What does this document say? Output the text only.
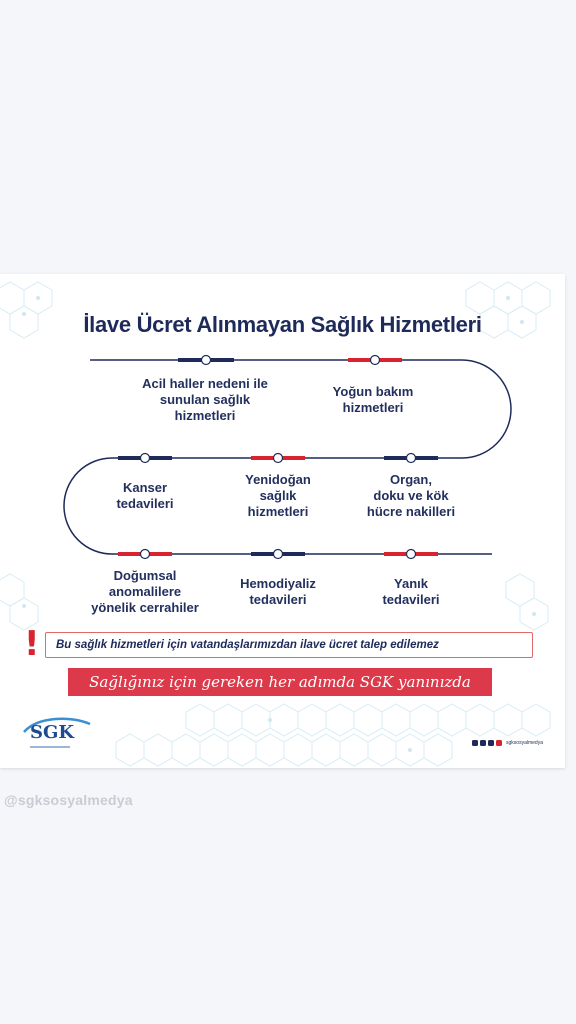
İlave Ücret Alınmayan Sağlık Hizmetleri
Acil haller nedeni ile
sunulan sağlık
hizmetleri
Yoğun bakım
hizmetleri
Kanser
tedavileri
Yenidoğan
sağlık
hizmetleri
Organ,
doku ve kök
hücre nakilleri
Doğumsal
anomalilere
yönelik cerrahiler
Hemodiyaliz
tedavileri
Yanık
tedavileri
! Bu sağlık hizmetleri için vatandaşlarımızdan ilave ücret talep edilemez
Sağlığınız için gereken her adımda SGK yanınızda
SGK	sgksosyalmedya
@sgksosyalmedya
